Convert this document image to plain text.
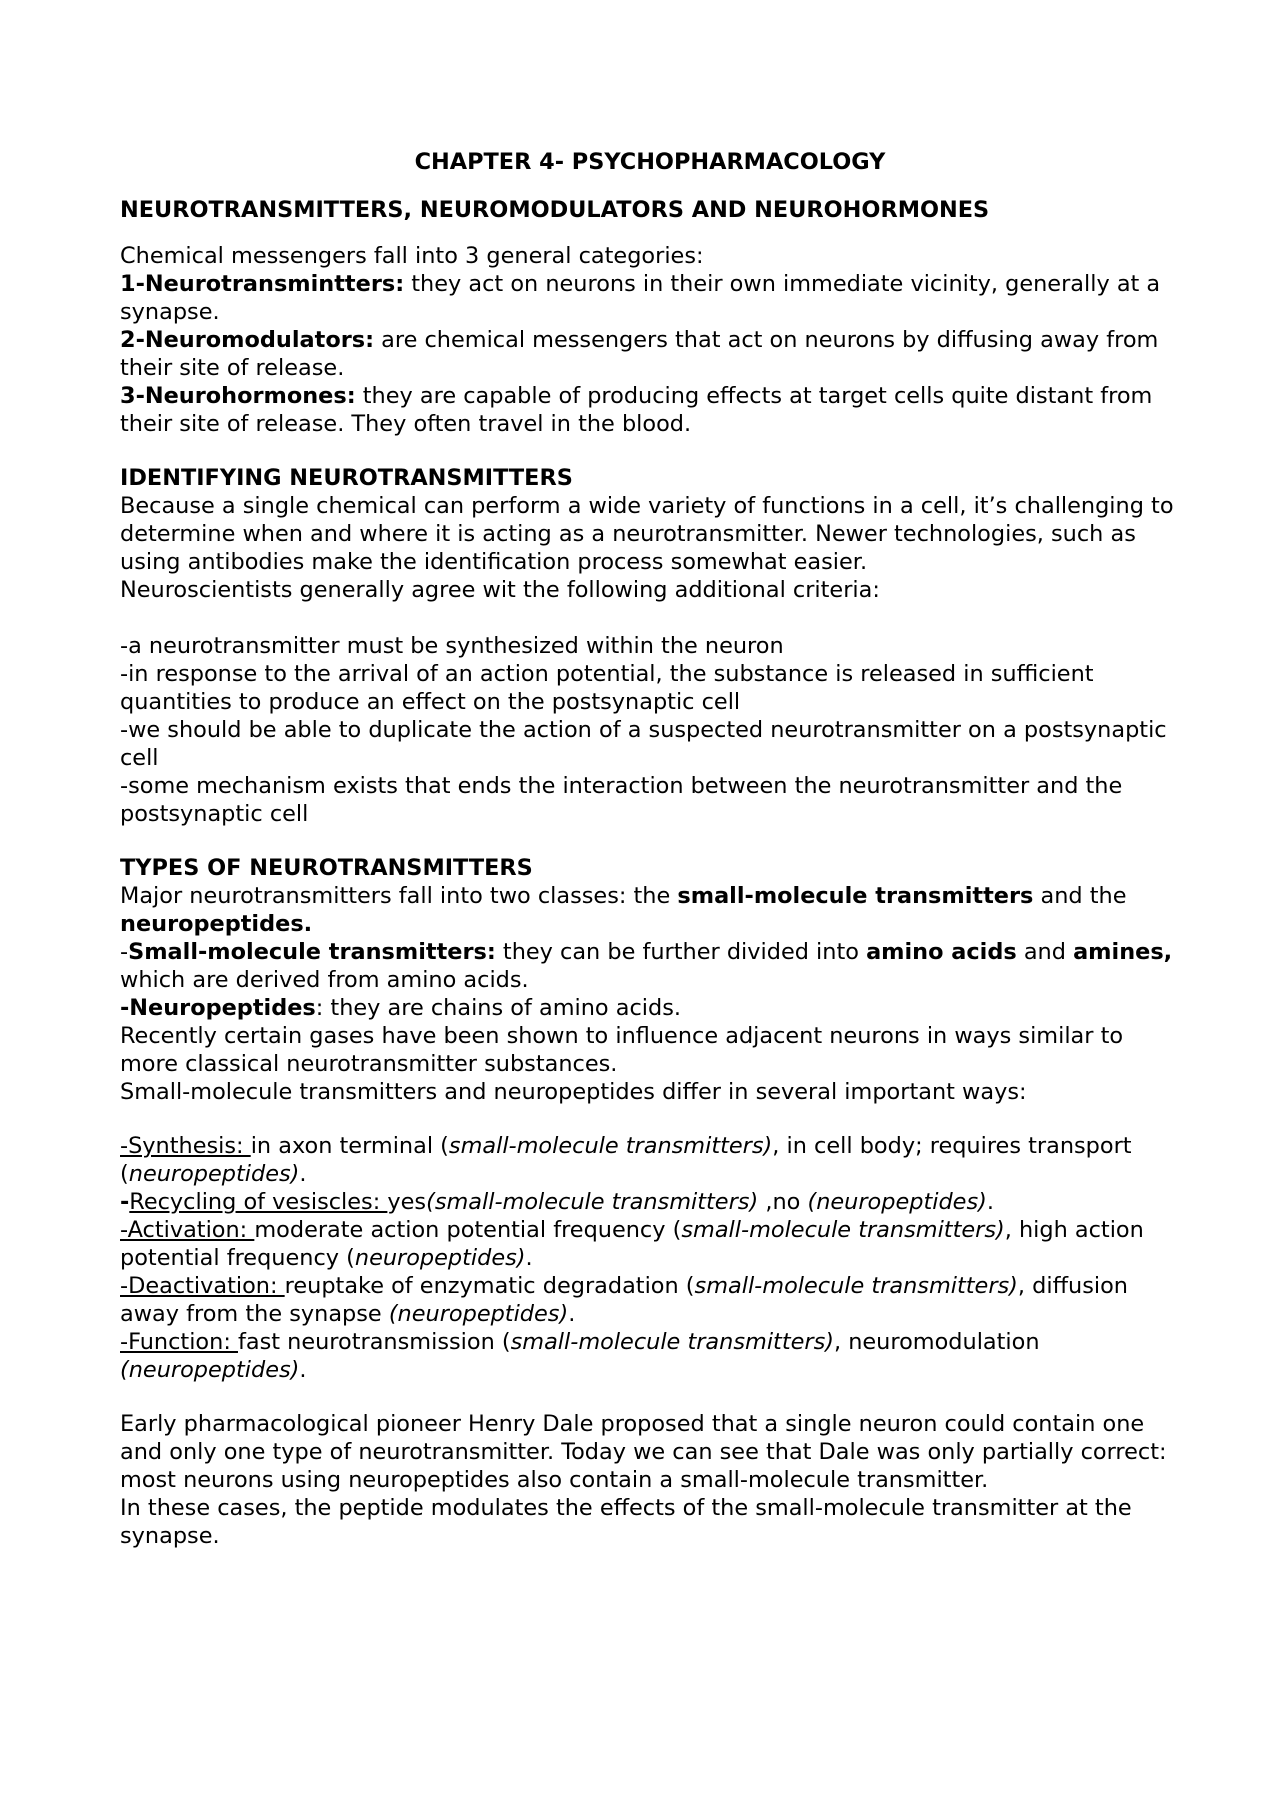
CHAPTER 4- PSYCHOPHARMACOLOGY

NEUROTRANSMITTERS, NEUROMODULATORS AND NEUROHORMONES

Chemical messengers fall into 3 general categories:

1-Neurotransmintters: they act on neurons in their own immediate vicinity, generally at a synapse.

2-Neuromodulators: are chemical messengers that act on neurons by diffusing away from their site of release.

3-Neurohormones: they are capable of producing effects at target cells quite distant from their site of release. They often travel in the blood.

IDENTIFYING NEUROTRANSMITTERS

Because a single chemical can perform a wide variety of functions in a cell, it’s challenging to determine when and where it is acting as a neurotransmitter. Newer technologies, such as using antibodies make the identification process somewhat easier.

Neuroscientists generally agree wit the following additional criteria:

-a neurotransmitter must be synthesized within the neuron

-in response to the arrival of an action potential, the substance is released in sufficient quantities to produce an effect on the postsynaptic cell

-we should be able to duplicate the action of a suspected neurotransmitter on a postsynaptic cell

-some mechanism exists that ends the interaction between the neurotransmitter and the postsynaptic cell

TYPES OF NEUROTRANSMITTERS

Major neurotransmitters fall into two classes: the small-molecule transmitters and the neuropeptides.

-Small-molecule transmitters: they can be further divided into amino acids and amines, which are derived from amino acids.

-Neuropeptides: they are chains of amino acids.

Recently certain gases have been shown to influence adjacent neurons in ways similar to more classical neurotransmitter substances.

Small-molecule transmitters and neuropeptides differ in several important ways:

-Synthesis: in axon terminal (small-molecule transmitters), in cell body; requires transport (neuropeptides).

-Recycling of vesiscles: yes(small-molecule transmitters) ,no (neuropeptides).

-Activation: moderate action potential frequency (small-molecule transmitters), high action potential frequency (neuropeptides).

-Deactivation: reuptake of enzymatic degradation (small-molecule transmitters), diffusion away from the synapse (neuropeptides).

-Function: fast neurotransmission (small-molecule transmitters), neuromodulation (neuropeptides).

Early pharmacological pioneer Henry Dale proposed that a single neuron could contain one and only one type of neurotransmitter. Today we can see that Dale was only partially correct: most neurons using neuropeptides also contain a small-molecule transmitter.

In these cases, the peptide modulates the effects of the small-molecule transmitter at the synapse.
